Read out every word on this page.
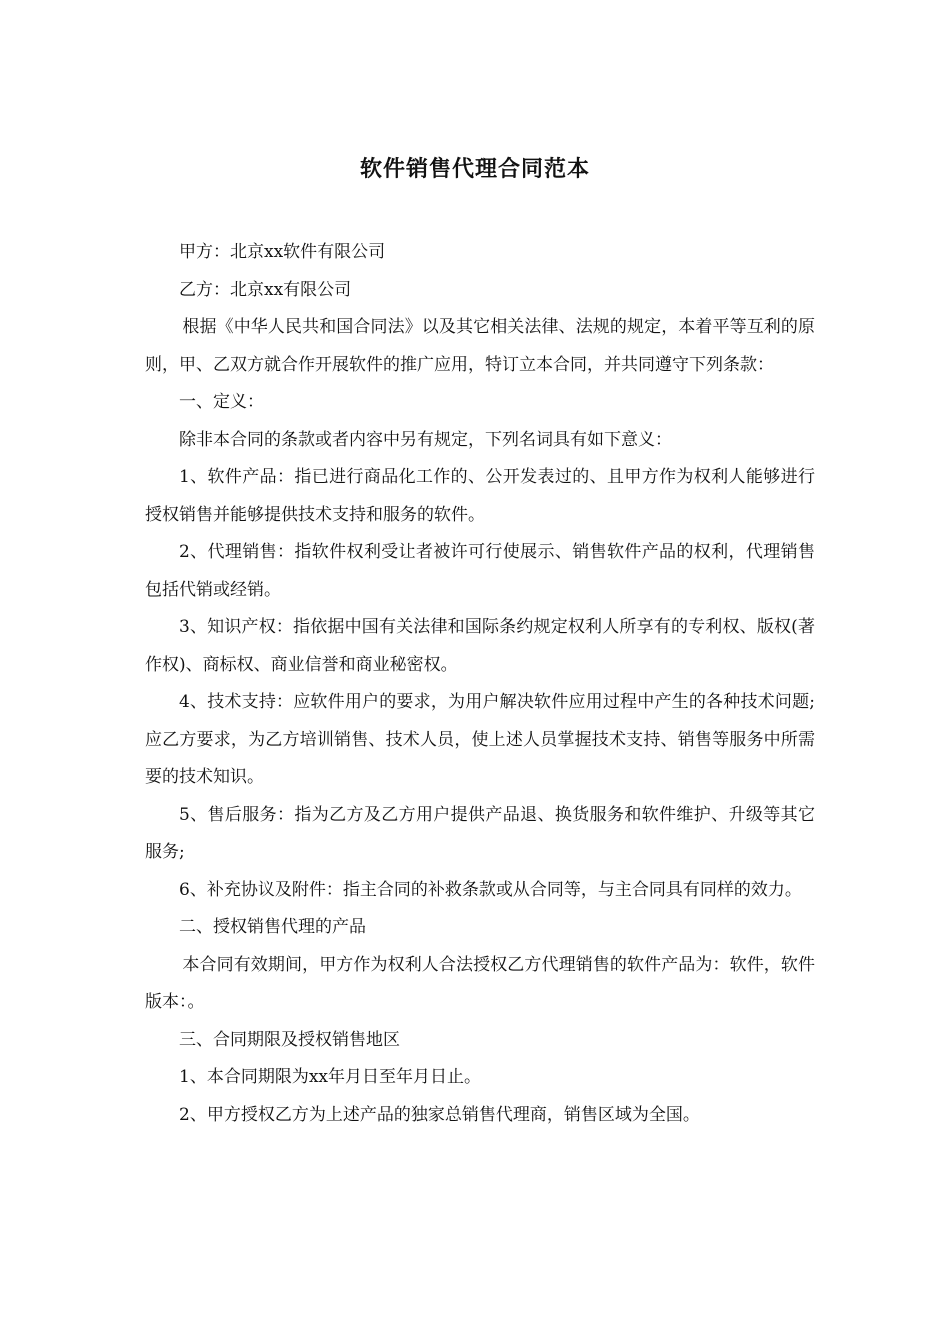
软件销售代理合同范本

甲方：北京xx软件有限公司

乙方：北京xx有限公司

根据《中华人民共和国合同法》以及其它相关法律、法规的规定，本着平等互利的原则，甲、乙双方就合作开展软件的推广应用，特订立本合同，并共同遵守下列条款：

一、定义：

除非本合同的条款或者内容中另有规定，下列名词具有如下意义：

1、软件产品：指已进行商品化工作的、公开发表过的、且甲方作为权利人能够进行授权销售并能够提供技术支持和服务的软件。

2、代理销售：指软件权利受让者被许可行使展示、销售软件产品的权利，代理销售包括代销或经销。

3、知识产权：指依据中国有关法律和国际条约规定权利人所享有的专利权、版权(著作权)、商标权、商业信誉和商业秘密权。

4、技术支持：应软件用户的要求，为用户解决软件应用过程中产生的各种技术问题;应乙方要求，为乙方培训销售、技术人员，使上述人员掌握技术支持、销售等服务中所需要的技术知识。

5、售后服务：指为乙方及乙方用户提供产品退、换货服务和软件维护、升级等其它服务;

6、补充协议及附件：指主合同的补救条款或从合同等，与主合同具有同样的效力。

二、授权销售代理的产品

本合同有效期间，甲方作为权利人合法授权乙方代理销售的软件产品为：软件，软件版本：。

三、合同期限及授权销售地区

1、本合同期限为xx年月日至年月日止。

2、甲方授权乙方为上述产品的独家总销售代理商，销售区域为全国。
